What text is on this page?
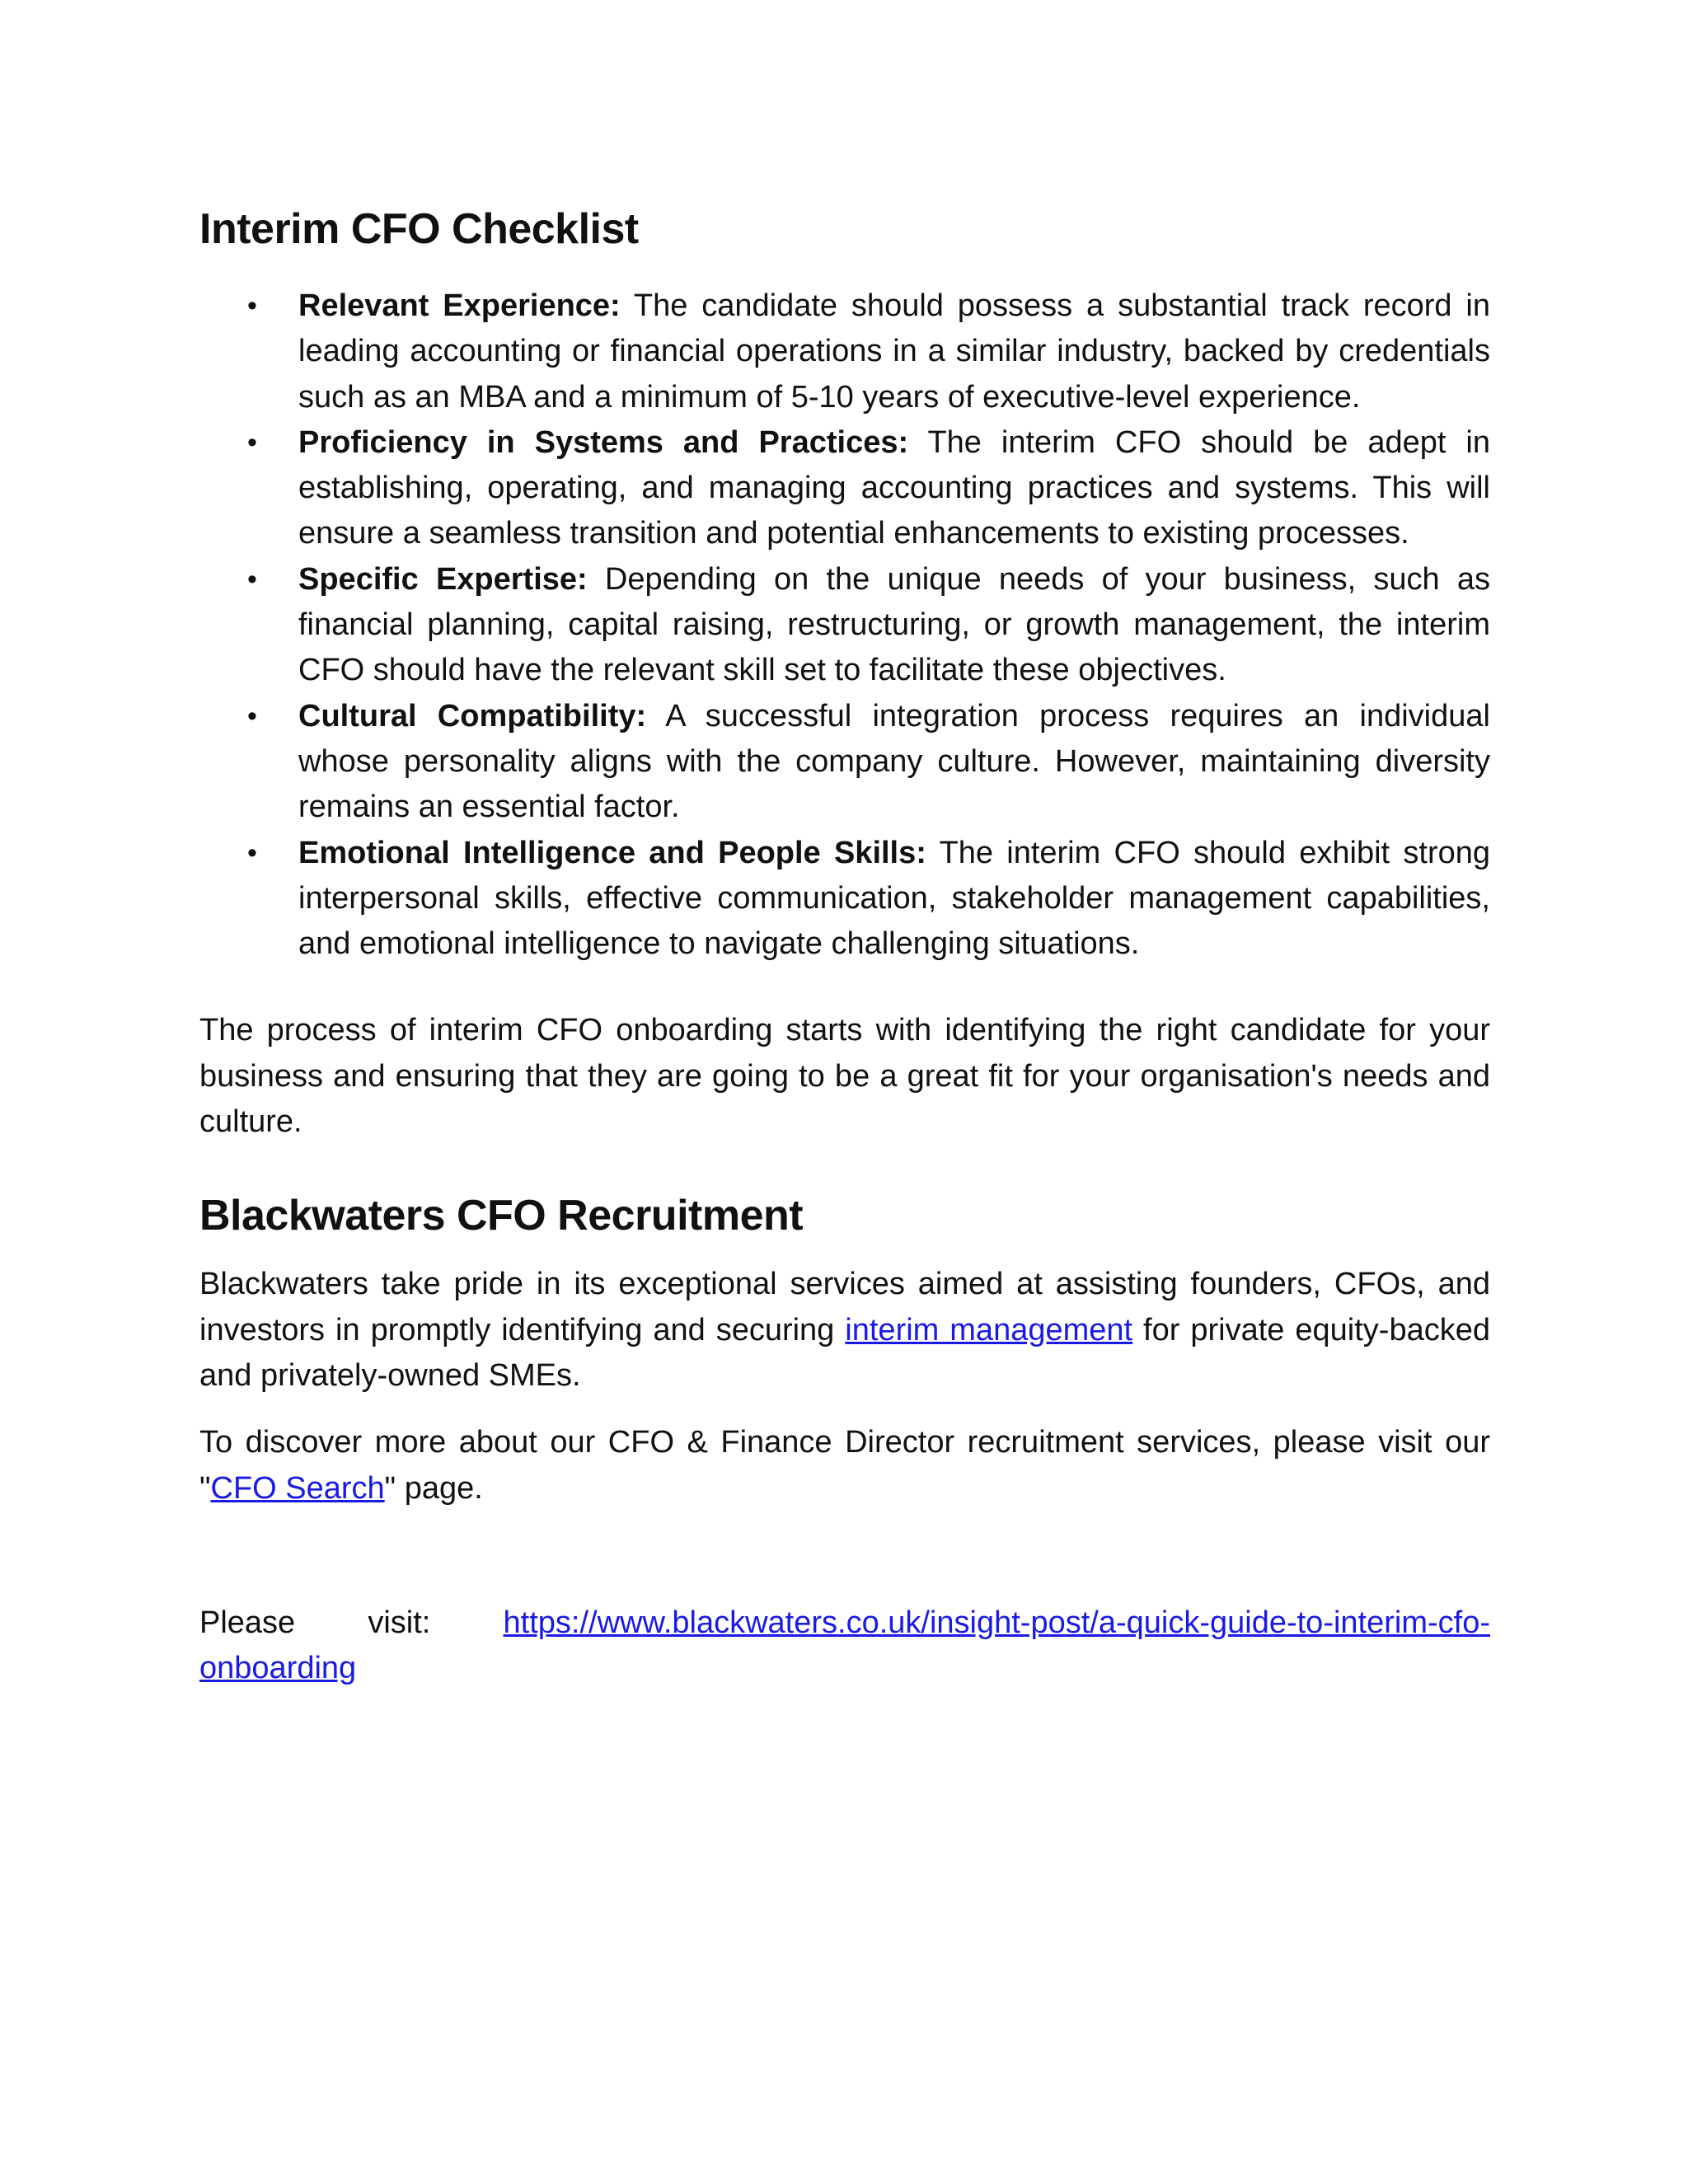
Interim CFO Checklist
• Relevant Experience: The candidate should possess a substantial track record in leading accounting or financial operations in a similar industry, backed by credentials such as an MBA and a minimum of 5-10 years of executive-level experience.
• Proficiency in Systems and Practices: The interim CFO should be adept in establishing, operating, and managing accounting practices and systems. This will ensure a seamless transition and potential enhancements to existing processes.
• Specific Expertise: Depending on the unique needs of your business, such as financial planning, capital raising, restructuring, or growth management, the interim CFO should have the relevant skill set to facilitate these objectives.
• Cultural Compatibility: A successful integration process requires an individual whose personality aligns with the company culture. However, maintaining diversity remains an essential factor.
• Emotional Intelligence and People Skills: The interim CFO should exhibit strong interpersonal skills, effective communication, stakeholder management capabilities, and emotional intelligence to navigate challenging situations.

The process of interim CFO onboarding starts with identifying the right candidate for your business and ensuring that they are going to be a great fit for your organisation's needs and culture.

Blackwaters CFO Recruitment

Blackwaters take pride in its exceptional services aimed at assisting founders, CFOs, and investors in promptly identifying and securing interim management for private equity-backed and privately-owned SMEs.

To discover more about our CFO & Finance Director recruitment services, please visit our "CFO Search" page.

Please visit: https://www.blackwaters.co.uk/insight-post/a-quick-guide-to-interim-cfo-onboarding
